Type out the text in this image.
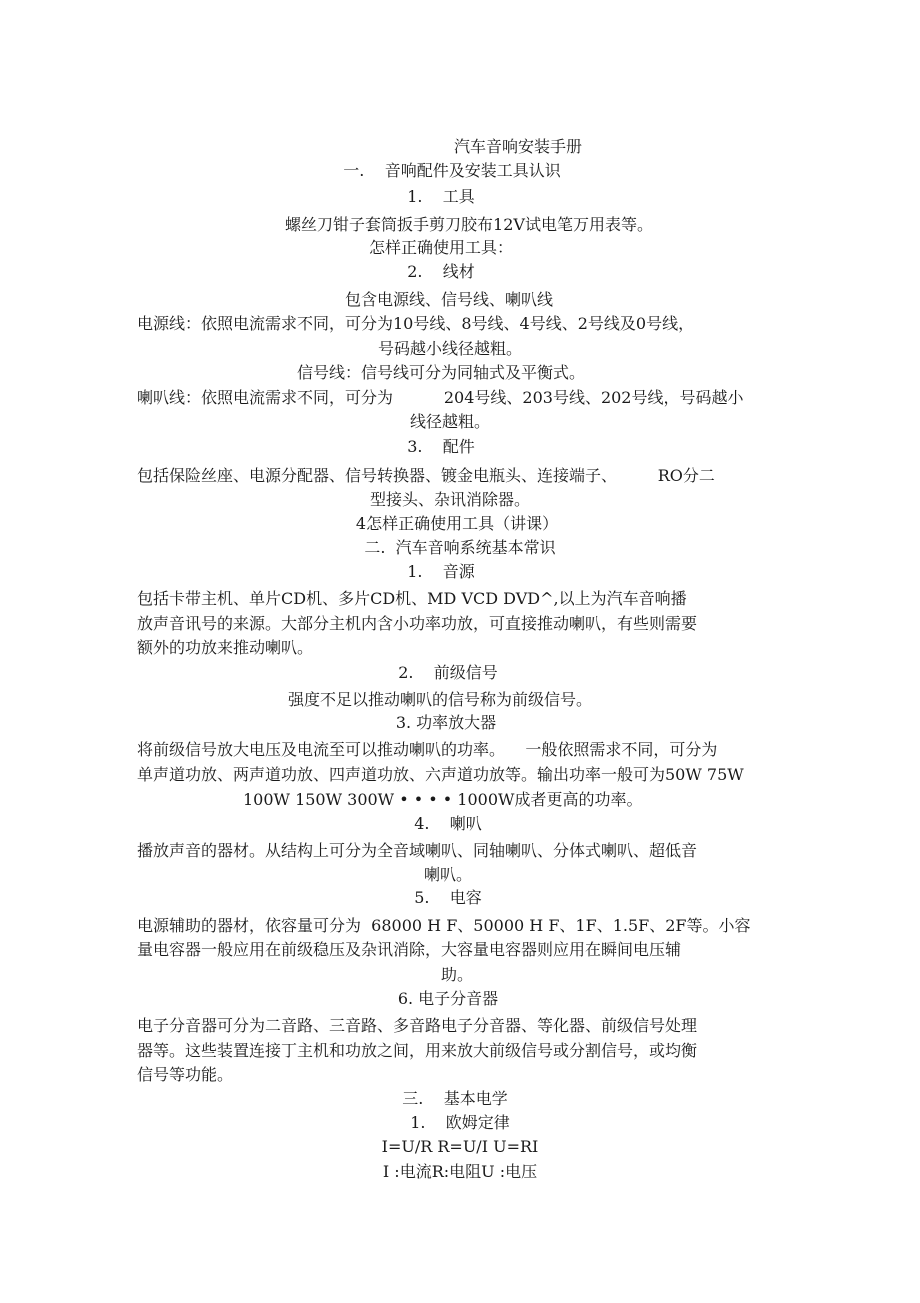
汽车音响安装手册

一.    音响配件及安装工具认识

1.    工具

螺丝刀钳子套筒扳手剪刀胶布12V试电笔万用表等。

怎样正确使用工具：

2.    线材

包含电源线、信号线、喇叭线

电源线：依照电流需求不同，可分为10号线、8号线、4号线、2号线及0号线，

号码越小线径越粗。

信号线：信号线可分为同轴式及平衡式。

喇叭线：依照电流需求不同，可分为          204号线、203号线、202号线，号码越小

线径越粗。

3.    配件

包括保险丝座、电源分配器、信号转换器、镀金电瓶头、连接端子、        RO分二

型接头、杂讯消除器。

4怎样正确使用工具（讲课）

二.  汽车音响系统基本常识

1.    音源

包括卡带主机、单片CD机、多片CD机、MD VCD DVD^,以上为汽车音响播

放声音讯号的来源。大部分主机内含小功率功放，可直接推动喇叭，有些则需要

额外的功放来推动喇叭。

2.    前级信号

强度不足以推动喇叭的信号称为前级信号。

3. 功率放大器

将前级信号放大电压及电流至可以推动喇叭的功率。    一般依照需求不同，可分为

单声道功放、两声道功放、四声道功放、六声道功放等。输出功率一般可为50W 75W

100W 150W 300W • • • • 1000W成者更高的功率。

4.    喇叭

播放声音的器材。从结构上可分为全音域喇叭、同轴喇叭、分体式喇叭、超低音

喇叭。

5.    电容

电源辅助的器材，依容量可分为  68000 H F、50000 H F、1F、1.5F、2F等。小容

量电容器一般应用在前级稳压及杂讯消除，大容量电容器则应用在瞬间电压辅

助。

6. 电子分音器

电子分音器可分为二音路、三音路、多音路电子分音器、等化器、前级信号处理

器等。这些装置连接丁主机和功放之间，用来放大前级信号或分割信号，或均衡

信号等功能。

三.    基本电学

1.    欧姆定律

I=U/R R=U/I U=RI

I :电流R:电阻U :电压
